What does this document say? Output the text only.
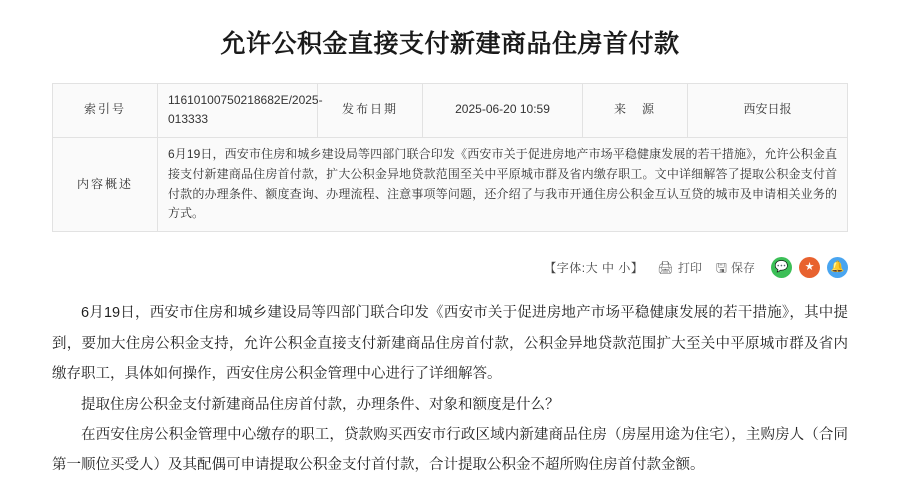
允许公积金直接支付新建商品住房首付款
索引号	11610100750218682E/2025-013333	发布日期	2025-06-20 10:59	来　源	西安日报
内容概述	6月19日，西安市住房和城乡建设局等四部门联合印发《西安市关于促进房地产市场平稳健康发展的若干措施》，允许公积金直接支付新建商品住房首付款，扩大公积金异地贷款范围至关中平原城市群及省内缴存职工。文中详细解答了提取公积金支付首付款的办理条件、额度查询、办理流程、注意事项等问题，还介绍了与我市开通住房公积金互认互贷的城市及申请相关业务的方式。				
【字体:大 中 小】 🖨 打印 🖫 保存	💬	★	🔔

6月19日，西安市住房和城乡建设局等四部门联合印发《西安市关于促进房地产市场平稳健康发展的若干措施》，其中提到，要加大住房公积金支持，允许公积金直接支付新建商品住房首付款，公积金异地贷款范围扩大至关中平原城市群及省内缴存职工，具体如何操作，西安住房公积金管理中心进行了详细解答。

提取住房公积金支付新建商品住房首付款，办理条件、对象和额度是什么？

在西安住房公积金管理中心缴存的职工，贷款购买西安市行政区域内新建商品住房（房屋用途为住宅），主购房人（合同第一顺位买受人）及其配偶可申请提取公积金支付首付款，合计提取公积金不超所购住房首付款金额。
